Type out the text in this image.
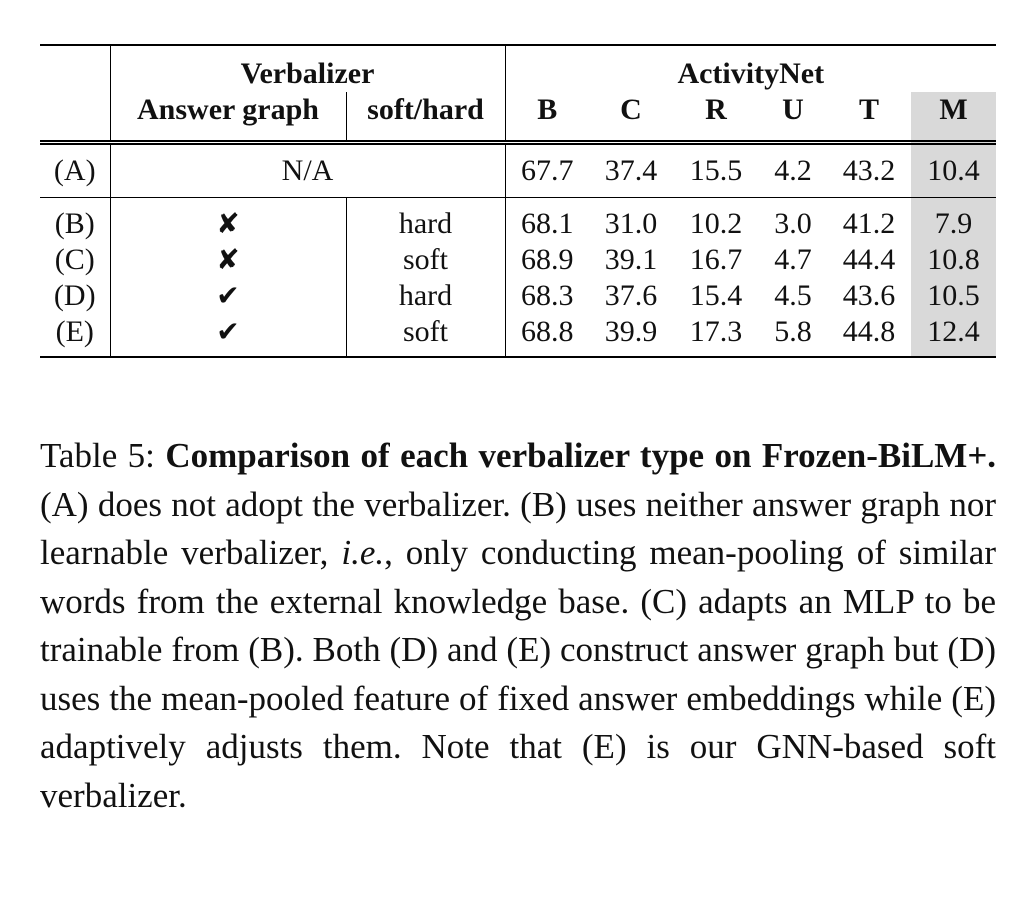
	Verbalizer		ActivityNet					
	Answer graph	soft/hard	B	C	R	U	T	M
(A)	N/A		67.7	37.4	15.5	4.2	43.2	10.4
(B)	✘	hard	68.1	31.0	10.2	3.0	41.2	7.9
(C)	✘	soft	68.9	39.1	16.7	4.7	44.4	10.8
(D)	✔	hard	68.3	37.6	15.4	4.5	43.6	10.5
(E)	✔	soft	68.8	39.9	17.3	5.8	44.8	12.4

Table 5: Comparison of each verbalizer type on Frozen-BiLM+. (A) does not adopt the verbalizer. (B) uses neither answer graph nor learnable verbalizer, i.e., only conducting mean-pooling of similar words from the external knowledge base. (C) adapts an MLP to be trainable from (B). Both (D) and (E) construct answer graph but (D) uses the mean-pooled feature of fixed answer embeddings while (E) adaptively adjusts them. Note that (E) is our GNN-based soft verbalizer.
